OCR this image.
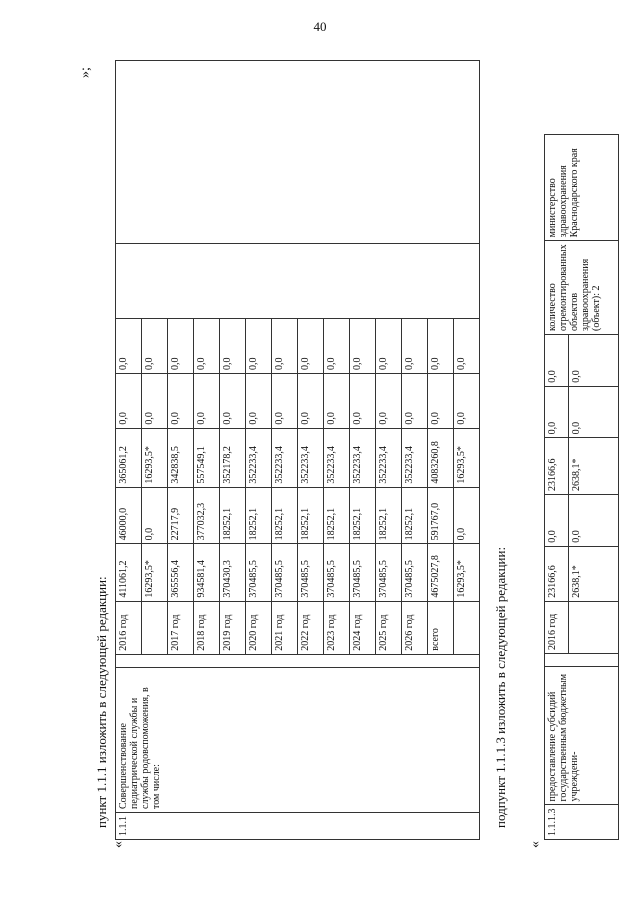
40
пункт 1.1.1 изложить в следующей редакции:
«
1.1.1	Совершенствование педиатрической службы и службы родовспоможения, в том числе:		2016 год	411061,2	46000,0	365061,2	0,0	0,0		
				16293,5*	0,0	16293,5*	0,0	0,0		
			2017 год	365556,4	22717,9	342838,5	0,0	0,0		
			2018 год	934581,4	377032,3	557549,1	0,0	0,0		
			2019 год	370430,3	18252,1	352178,2	0,0	0,0		
			2020 год	370485,5	18252,1	352233,4	0,0	0,0		
			2021 год	370485,5	18252,1	352233,4	0,0	0,0		
			2022 год	370485,5	18252,1	352233,4	0,0	0,0		
			2023 год	370485,5	18252,1	352233,4	0,0	0,0		
			2024 год	370485,5	18252,1	352233,4	0,0	0,0		
			2025 год	370485,5	18252,1	352233,4	0,0	0,0		
			2026 год	370485,5	18252,1	352233,4	0,0	0,0		
			всего	4675027,8	591767,0	4083260,8	0,0	0,0		
				16293,5*	0,0	16293,5*	0,0	0,0		
»;
подпункт 1.1.1.3 изложить в следующей редакции:
«
1.1.1.3	предоставление субсидий государственным бюджетным учреждени-		2016 год	23166,6	0,0	23166,6	0,0	0,0	количество отремонтированных объектов здравоохранения (объект): 2	министерство здравоохранения Краснодарского края
				2638,1*	0,0	2638,1*	0,0	0,0		
